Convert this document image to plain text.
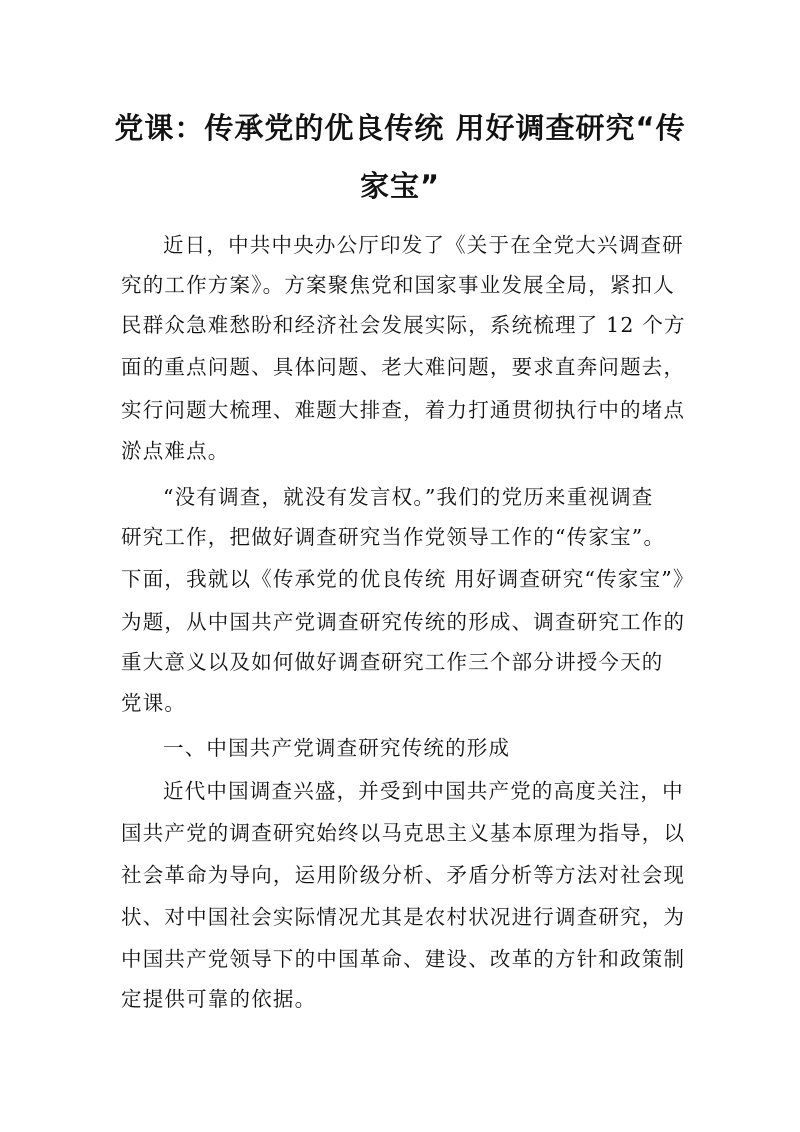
党课：传承党的优良传统 用好调查研究“传
家宝”
近日，中共中央办公厅印发了《关于在全党大兴调查研
究的工作方案》。方案聚焦党和国家事业发展全局，紧扣人
民群众急难愁盼和经济社会发展实际，系统梳理了 12 个方
面的重点问题、具体问题、老大难问题，要求直奔问题去，
实行问题大梳理、难题大排查，着力打通贯彻执行中的堵点
淤点难点。
“没有调查，就没有发言权。”我们的党历来重视调查
研究工作，把做好调查研究当作党领导工作的“传家宝”。
下面，我就以《传承党的优良传统 用好调查研究“传家宝”》
为题，从中国共产党调查研究传统的形成、调查研究工作的
重大意义以及如何做好调查研究工作三个部分讲授今天的
党课。
一、中国共产党调查研究传统的形成
近代中国调查兴盛，并受到中国共产党的高度关注，中
国共产党的调查研究始终以马克思主义基本原理为指导，以
社会革命为导向，运用阶级分析、矛盾分析等方法对社会现
状、对中国社会实际情况尤其是农村状况进行调查研究，为
中国共产党领导下的中国革命、建设、改革的方针和政策制
定提供可靠的依据。
